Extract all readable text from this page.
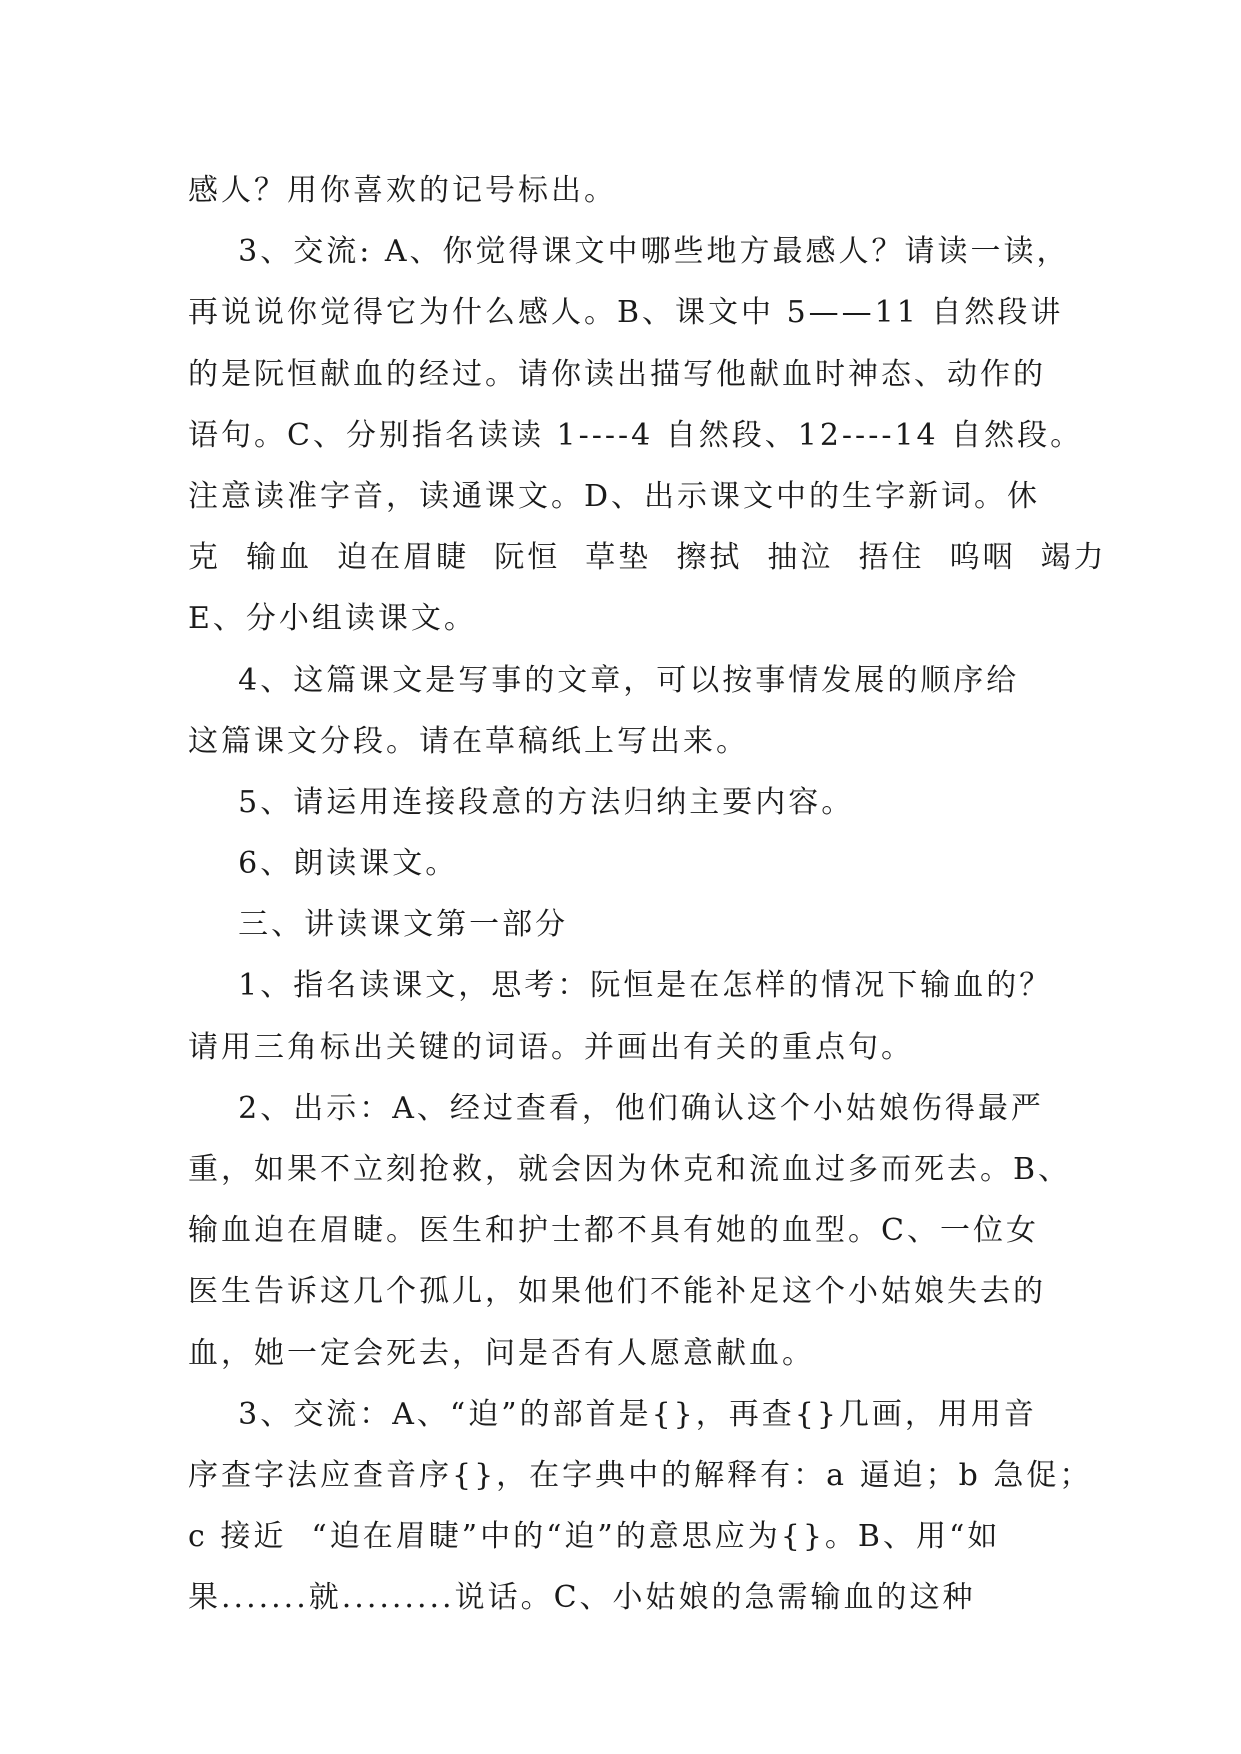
感人？用你喜欢的记号标出。
3、交流: A、你觉得课文中哪些地方最感人？请读一读，
再说说你觉得它为什么感人。B、课文中 5——11 自然段讲
的是阮恒献血的经过。请你读出描写他献血时神态、动作的
语句。C、分别指名读读 1----4 自然段、12----14 自然段。
注意读准字音，读通课文。D、出示课文中的生字新词。休
克  输血  迫在眉睫  阮恒  草垫  擦拭  抽泣  捂住  呜咽  竭力
E、分小组读课文。
4、这篇课文是写事的文章，可以按事情发展的顺序给
这篇课文分段。请在草稿纸上写出来。
5、请运用连接段意的方法归纳主要内容。
6、朗读课文。
三、讲读课文第一部分
1、指名读课文，思考：阮恒是在怎样的情况下输血的？
请用三角标出关键的词语。并画出有关的重点句。
2、出示：A、经过查看，他们确认这个小姑娘伤得最严
重，如果不立刻抢救，就会因为休克和流血过多而死去。B、
输血迫在眉睫。医生和护士都不具有她的血型。C、一位女
医生告诉这几个孤儿，如果他们不能补足这个小姑娘失去的
血，她一定会死去，问是否有人愿意献血。
3、交流：A、“迫”的部首是{}，再查{}几画，用用音
序查字法应查音序{}，在字典中的解释有：a 逼迫；b 急促；
c 接近  “迫在眉睫”中的“迫”的意思应为{}。B、用“如
果.......就.........说话。C、小姑娘的急需输血的这种
